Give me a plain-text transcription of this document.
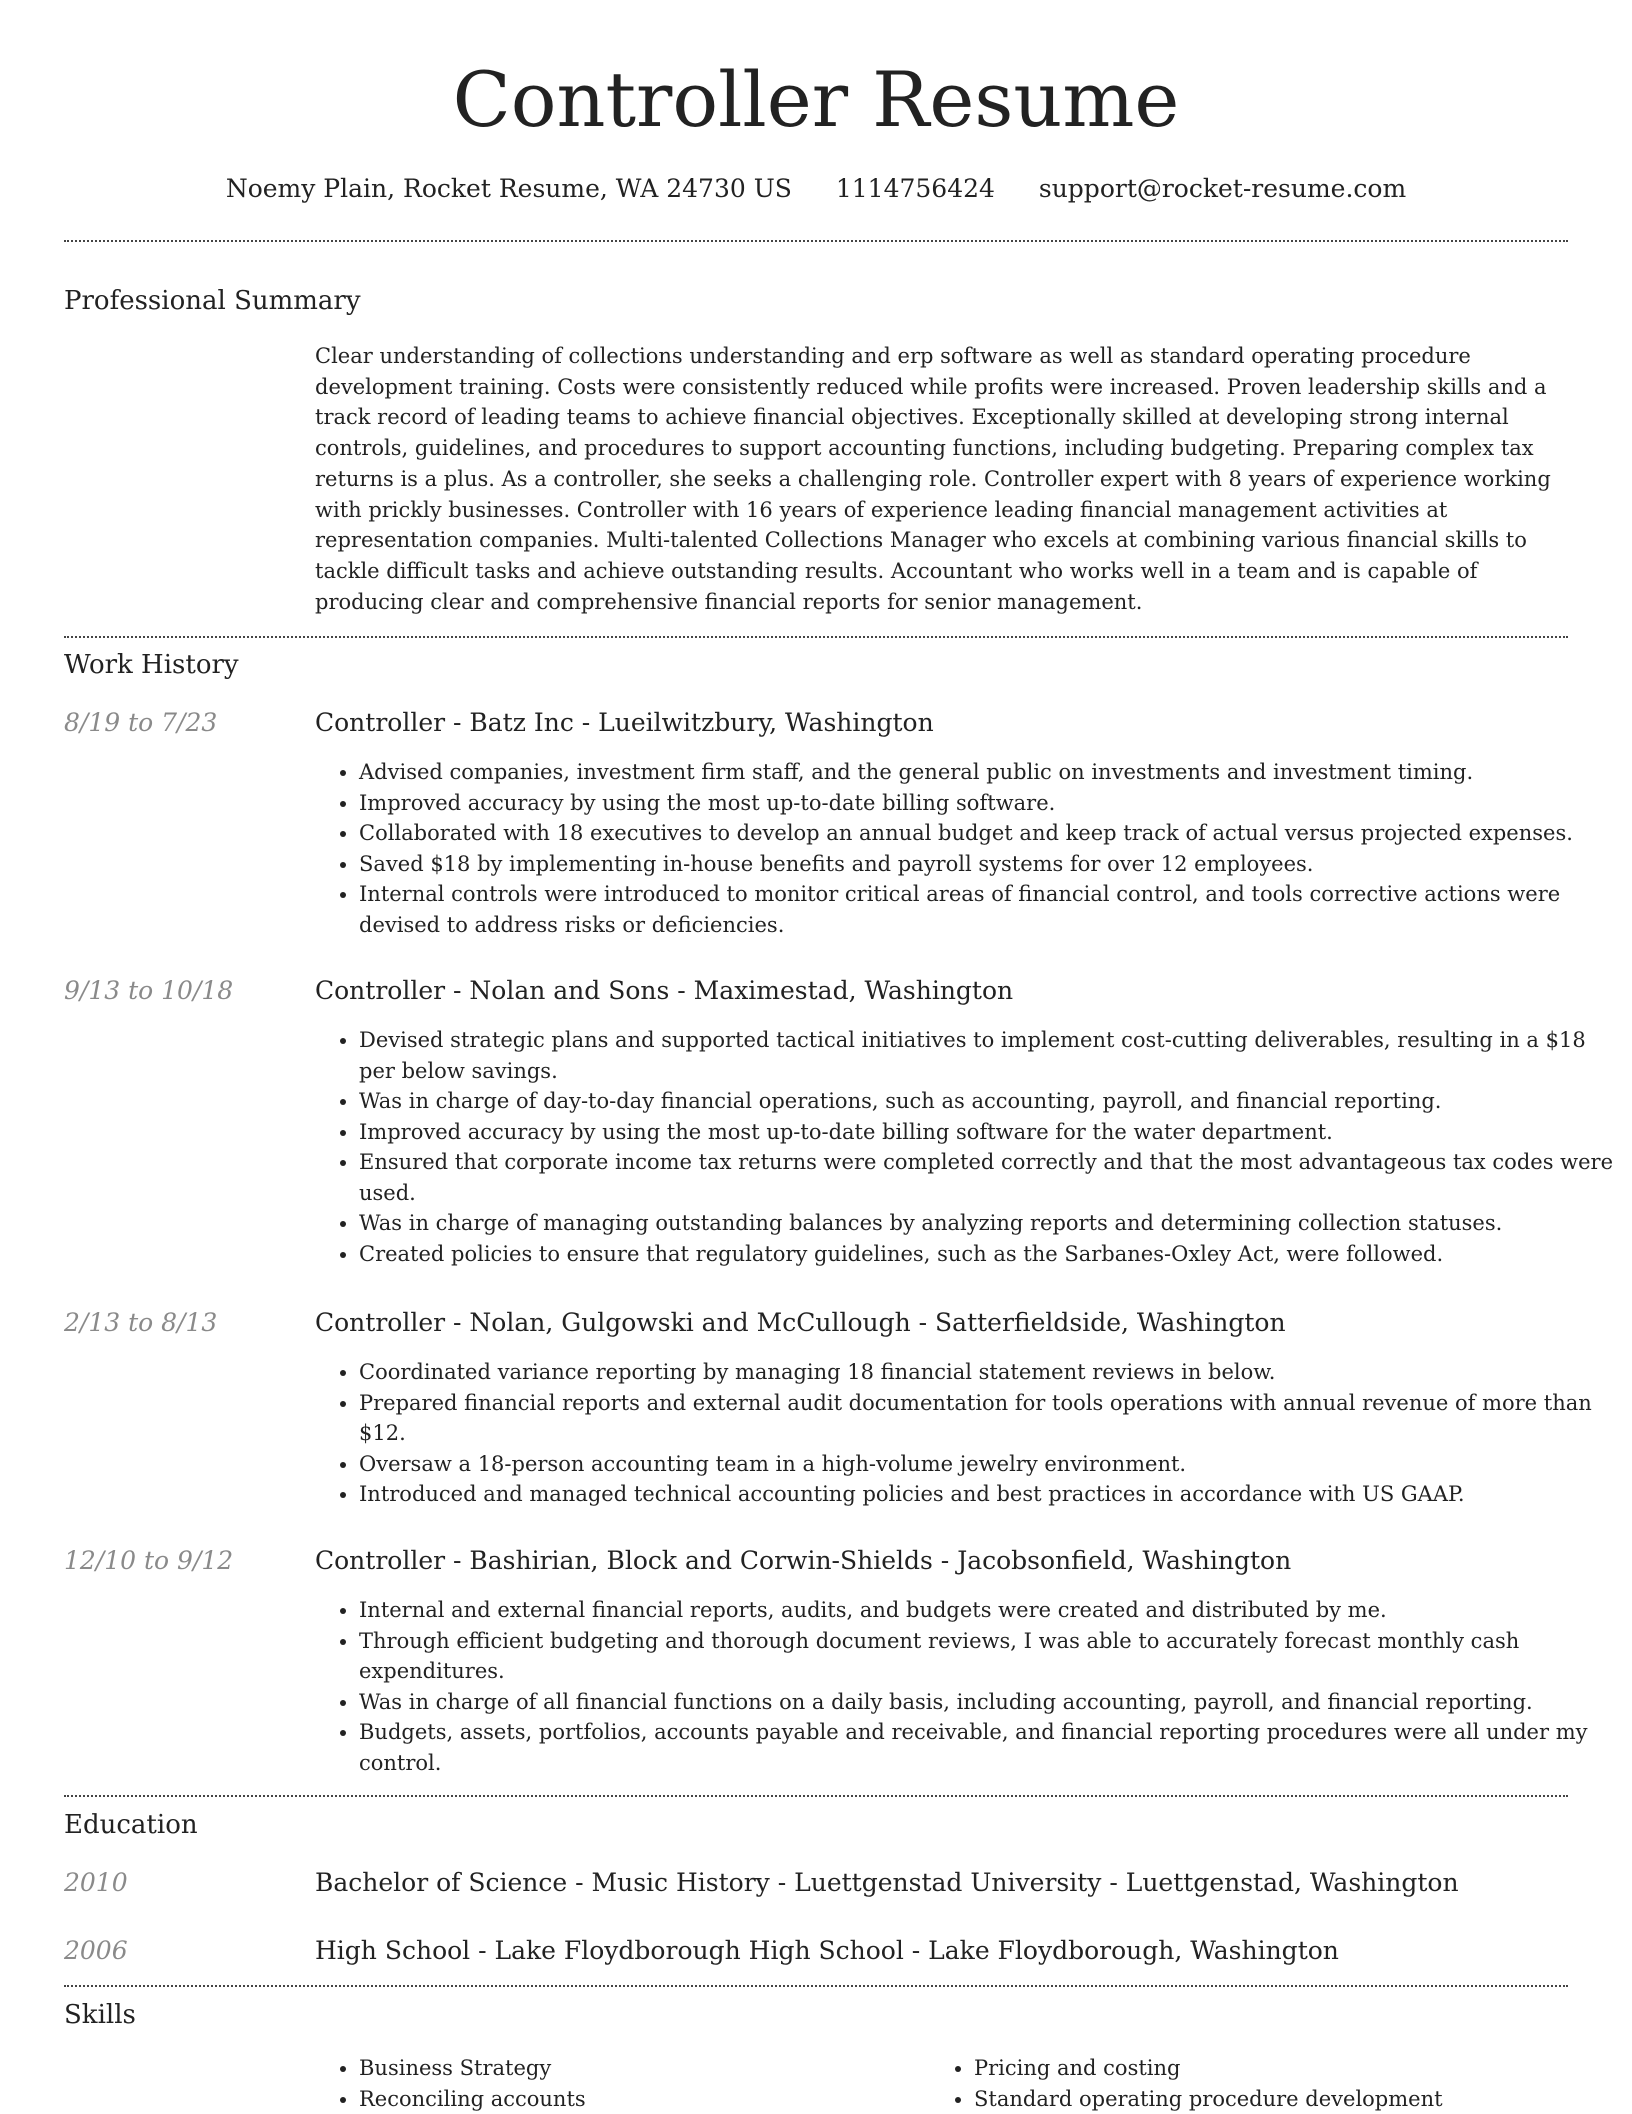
Controller Resume
Noemy Plain, Rocket Resume, WA 24730 US 1114756424 support@rocket-resume.com
Professional Summary

Clear understanding of collections understanding and erp software as well as standard operating procedure development training. Costs were consistently reduced while profits were increased. Proven leadership skills and a track record of leading teams to achieve financial objectives. Exceptionally skilled at developing strong internal controls, guidelines, and procedures to support accounting functions, including budgeting. Preparing complex tax returns is a plus. As a controller, she seeks a challenging role. Controller expert with 8 years of experience working with prickly businesses. Controller with 16 years of experience leading financial management activities at representation companies. Multi-talented Collections Manager who excels at combining various financial skills to tackle difficult tasks and achieve outstanding results. Accountant who works well in a team and is capable of producing clear and comprehensive financial reports for senior management.

Work History
8/19 to 7/23	Controller - Batz Inc - Lueilwitzbury, Washington
• Advised companies, investment firm staff, and the general public on investments and investment timing.
• Improved accuracy by using the most up-to-date billing software.
• Collaborated with 18 executives to develop an annual budget and keep track of actual versus projected expenses.
• Saved $18 by implementing in-house benefits and payroll systems for over 12 employees.
• Internal controls were introduced to monitor critical areas of financial control, and tools corrective actions were devised to address risks or deficiencies.
9/13 to 10/18	Controller - Nolan and Sons - Maximestad, Washington
• Devised strategic plans and supported tactical initiatives to implement cost-cutting deliverables, resulting in a $18 per below savings.
• Was in charge of day-to-day financial operations, such as accounting, payroll, and financial reporting.
• Improved accuracy by using the most up-to-date billing software for the water department.
• Ensured that corporate income tax returns were completed correctly and that the most advantageous tax codes were used.
• Was in charge of managing outstanding balances by analyzing reports and determining collection statuses.
• Created policies to ensure that regulatory guidelines, such as the Sarbanes-Oxley Act, were followed.
2/13 to 8/13	Controller - Nolan, Gulgowski and McCullough - Satterfieldside, Washington
• Coordinated variance reporting by managing 18 financial statement reviews in below.
• Prepared financial reports and external audit documentation for tools operations with annual revenue of more than $12.
• Oversaw a 18-person accounting team in a high-volume jewelry environment.
• Introduced and managed technical accounting policies and best practices in accordance with US GAAP.
12/10 to 9/12	Controller - Bashirian, Block and Corwin-Shields - Jacobsonfield, Washington
• Internal and external financial reports, audits, and budgets were created and distributed by me.
• Through efficient budgeting and thorough document reviews, I was able to accurately forecast monthly cash expenditures.
• Was in charge of all financial functions on a daily basis, including accounting, payroll, and financial reporting.
• Budgets, assets, portfolios, accounts payable and receivable, and financial reporting procedures were all under my control.
Education
2010	Bachelor of Science - Music History - Luettgenstad University - Luettgenstad, Washington
2006	High School - Lake Floydborough High School - Lake Floydborough, Washington
Skills
• Business Strategy
• Reconciling accounts
• Pricing and costing
• Standard operating procedure development
